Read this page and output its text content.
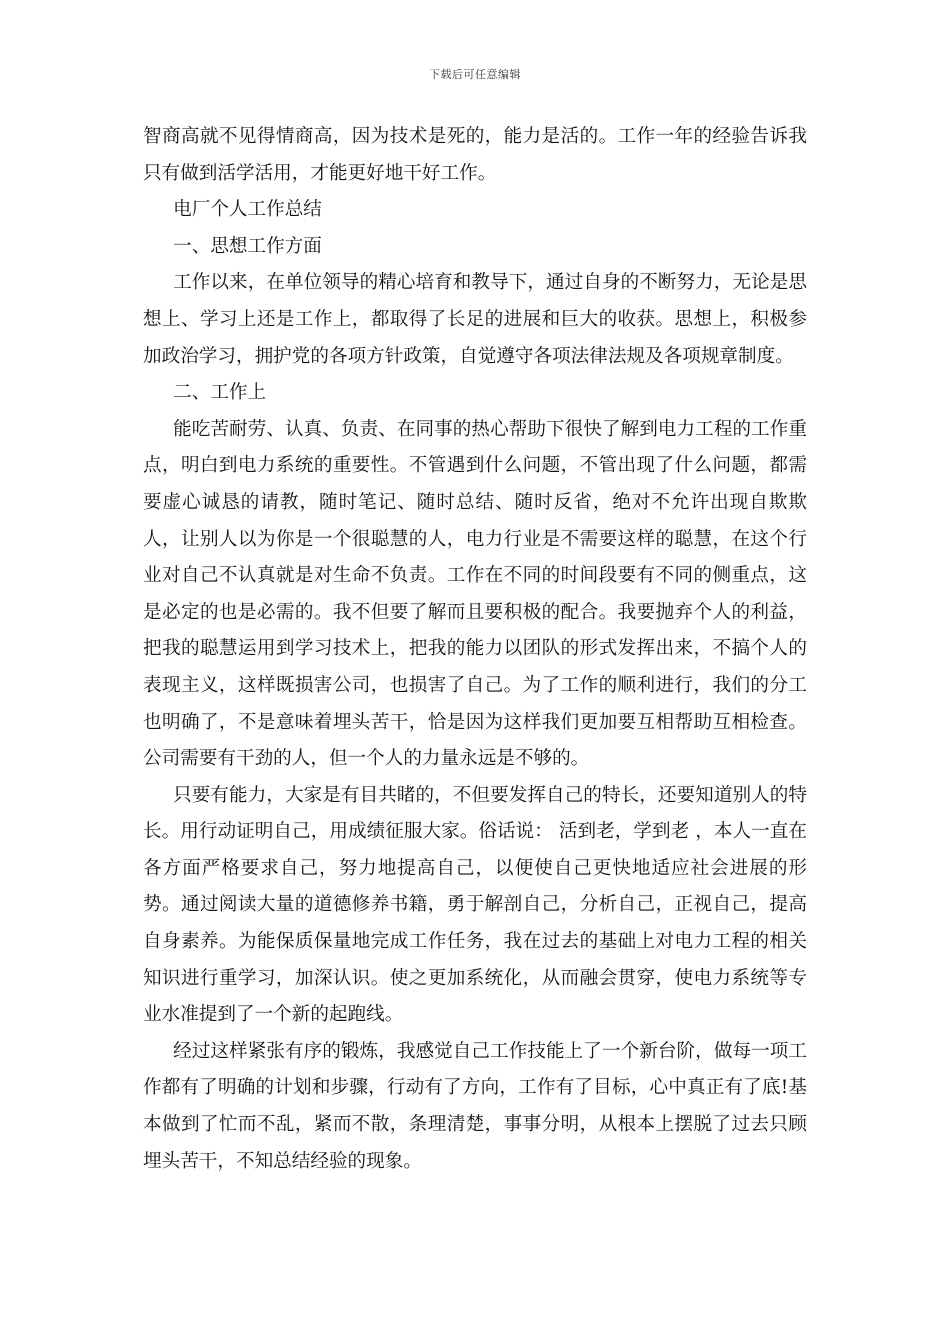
下载后可任意编辑

智商高就不见得情商高，因为技术是死的，能力是活的。工作一年的经验告诉我只有做到活学活用，才能更好地干好工作。

电厂个人工作总结

一、思想工作方面

工作以来，在单位领导的精心培育和教导下，通过自身的不断努力，无论是思想上、学习上还是工作上，都取得了长足的进展和巨大的收获。思想上，积极参加政治学习，拥护党的各项方针政策，自觉遵守各项法律法规及各项规章制度。

二、工作上

能吃苦耐劳、认真、负责、在同事的热心帮助下很快了解到电力工程的工作重点，明白到电力系统的重要性。不管遇到什么问题，不管出现了什么问题，都需要虚心诚恳的请教，随时笔记、随时总结、随时反省，绝对不允许出现自欺欺人，让别人以为你是一个很聪慧的人，电力行业是不需要这样的聪慧，在这个行业对自己不认真就是对生命不负责。工作在不同的时间段要有不同的侧重点，这是必定的也是必需的。我不但要了解而且要积极的配合。我要抛弃个人的利益，把我的聪慧运用到学习技术上，把我的能力以团队的形式发挥出来，不搞个人的表现主义，这样既损害公司，也损害了自己。为了工作的顺利进行，我们的分工也明确了，不是意味着埋头苦干，恰是因为这样我们更加要互相帮助互相检查。公司需要有干劲的人，但一个人的力量永远是不够的。

只要有能力，大家是有目共睹的，不但要发挥自己的特长，还要知道别人的特长。用行动证明自己，用成绩征服大家。俗话说： 活到老，学到老 ，本人一直在各方面严格要求自己，努力地提高自己，以便使自己更快地适应社会进展的形势。通过阅读大量的道德修养书籍，勇于解剖自己，分析自己，正视自己，提高自身素养。为能保质保量地完成工作任务，我在过去的基础上对电力工程的相关知识进行重学习，加深认识。使之更加系统化，从而融会贯穿，使电力系统等专业水准提到了一个新的起跑线。

经过这样紧张有序的锻炼，我感觉自己工作技能上了一个新台阶，做每一项工作都有了明确的计划和步骤，行动有了方向，工作有了目标，心中真正有了底!基本做到了忙而不乱，紧而不散，条理清楚，事事分明，从根本上摆脱了过去只顾埋头苦干，不知总结经验的现象。
